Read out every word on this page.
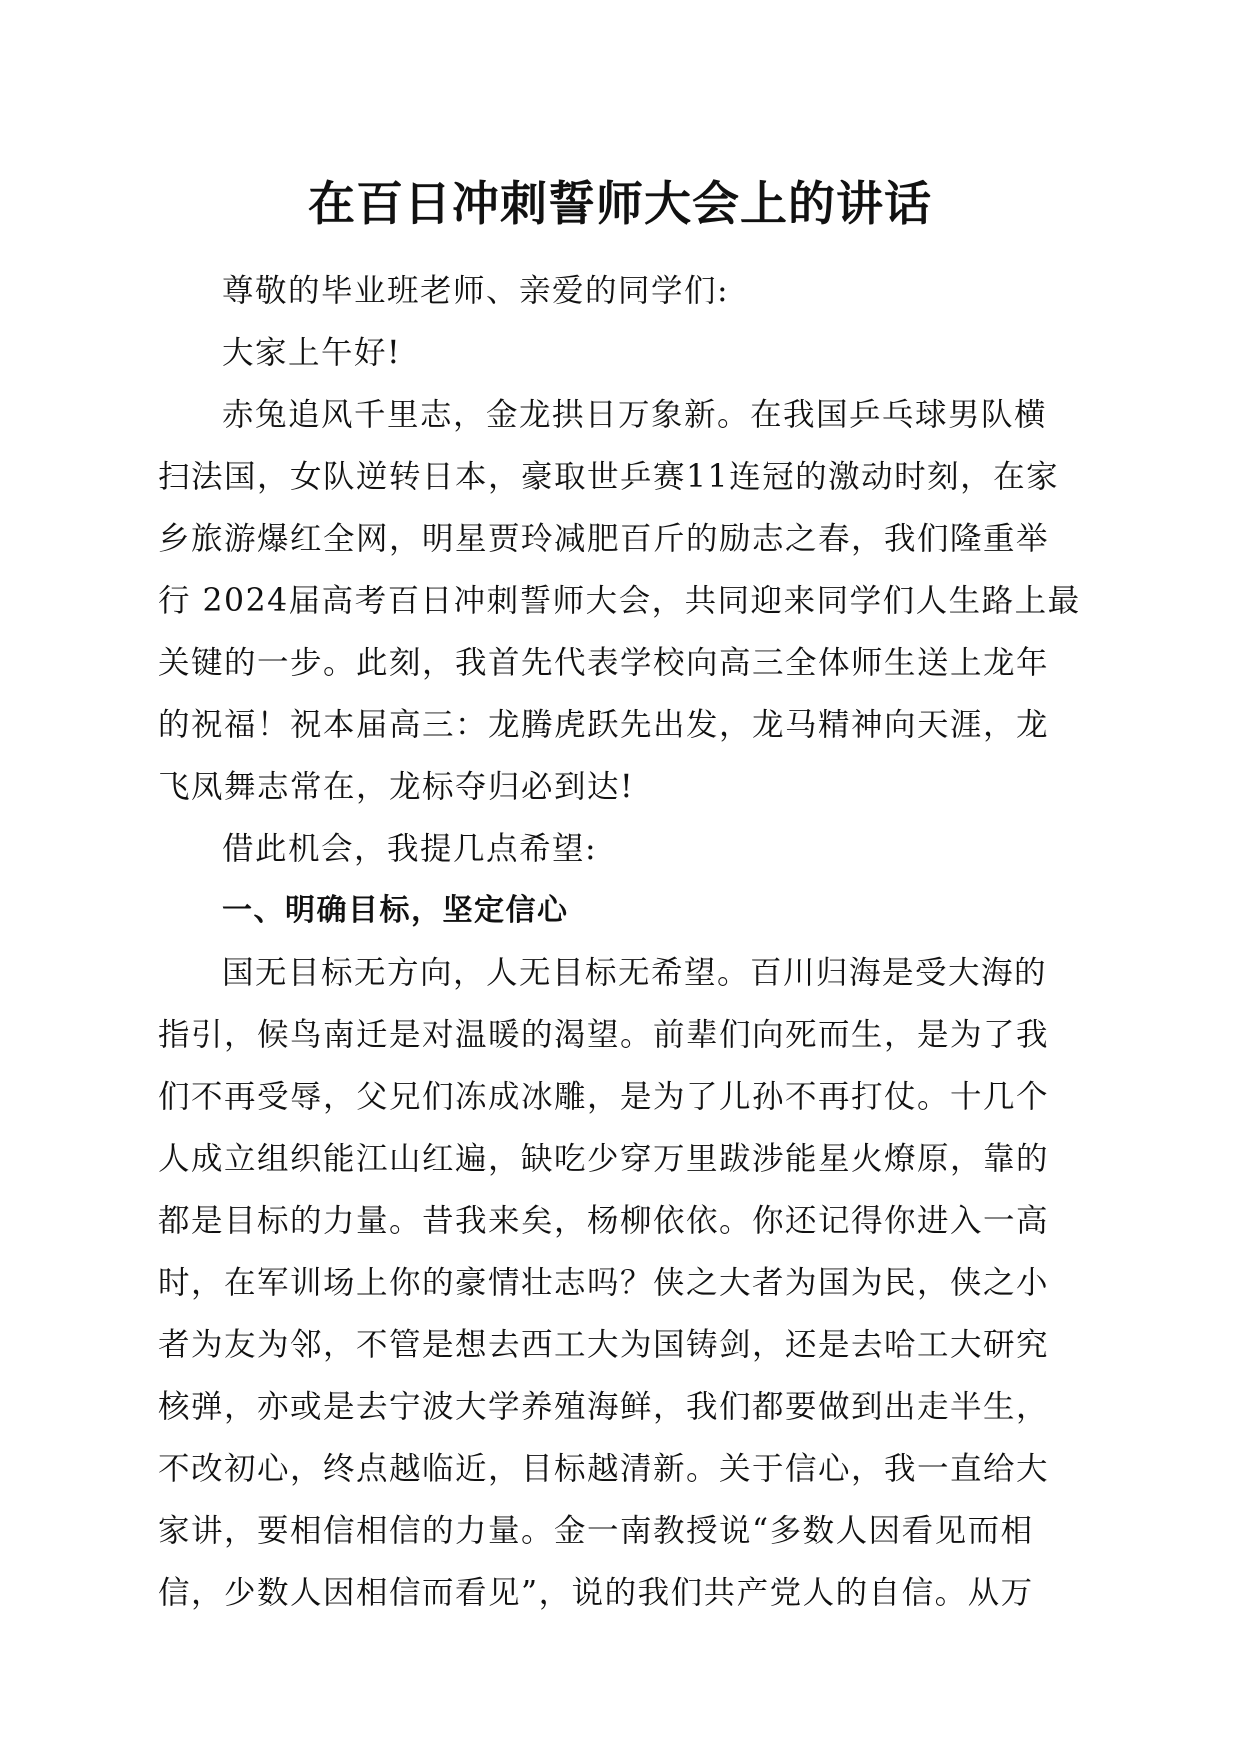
在百日冲刺誓师大会上的讲话
尊敬的毕业班老师、亲爱的同学们:
大家上午好!
赤兔追风千里志，金龙拱日万象新。在我国乒乓球男队横
扫法国，女队逆转日本，豪取世乒赛11连冠的激动时刻，在家
乡旅游爆红全网，明星贾玲减肥百斤的励志之春，我们隆重举
行 2024届高考百日冲刺誓师大会，共同迎来同学们人生路上最
关键的一步。此刻，我首先代表学校向高三全体师生送上龙年
的祝福！祝本届高三：龙腾虎跃先出发，龙马精神向天涯，龙
飞凤舞志常在，龙标夺归必到达!
借此机会，我提几点希望:
一、明确目标，坚定信心
国无目标无方向，人无目标无希望。百川归海是受大海的
指引，候鸟南迁是对温暖的渴望。前辈们向死而生，是为了我
们不再受辱，父兄们冻成冰雕，是为了儿孙不再打仗。十几个
人成立组织能江山红遍，缺吃少穿万里跋涉能星火燎原，靠的
都是目标的力量。昔我来矣，杨柳依依。你还记得你进入一高
时，在军训场上你的豪情壮志吗？侠之大者为国为民，侠之小
者为友为邻，不管是想去西工大为国铸剑，还是去哈工大研究
核弹，亦或是去宁波大学养殖海鲜，我们都要做到出走半生，
不改初心，终点越临近，目标越清新。关于信心，我一直给大
家讲，要相信相信的力量。金一南教授说“多数人因看见而相
信，少数人因相信而看见”，说的我们共产党人的自信。从万
